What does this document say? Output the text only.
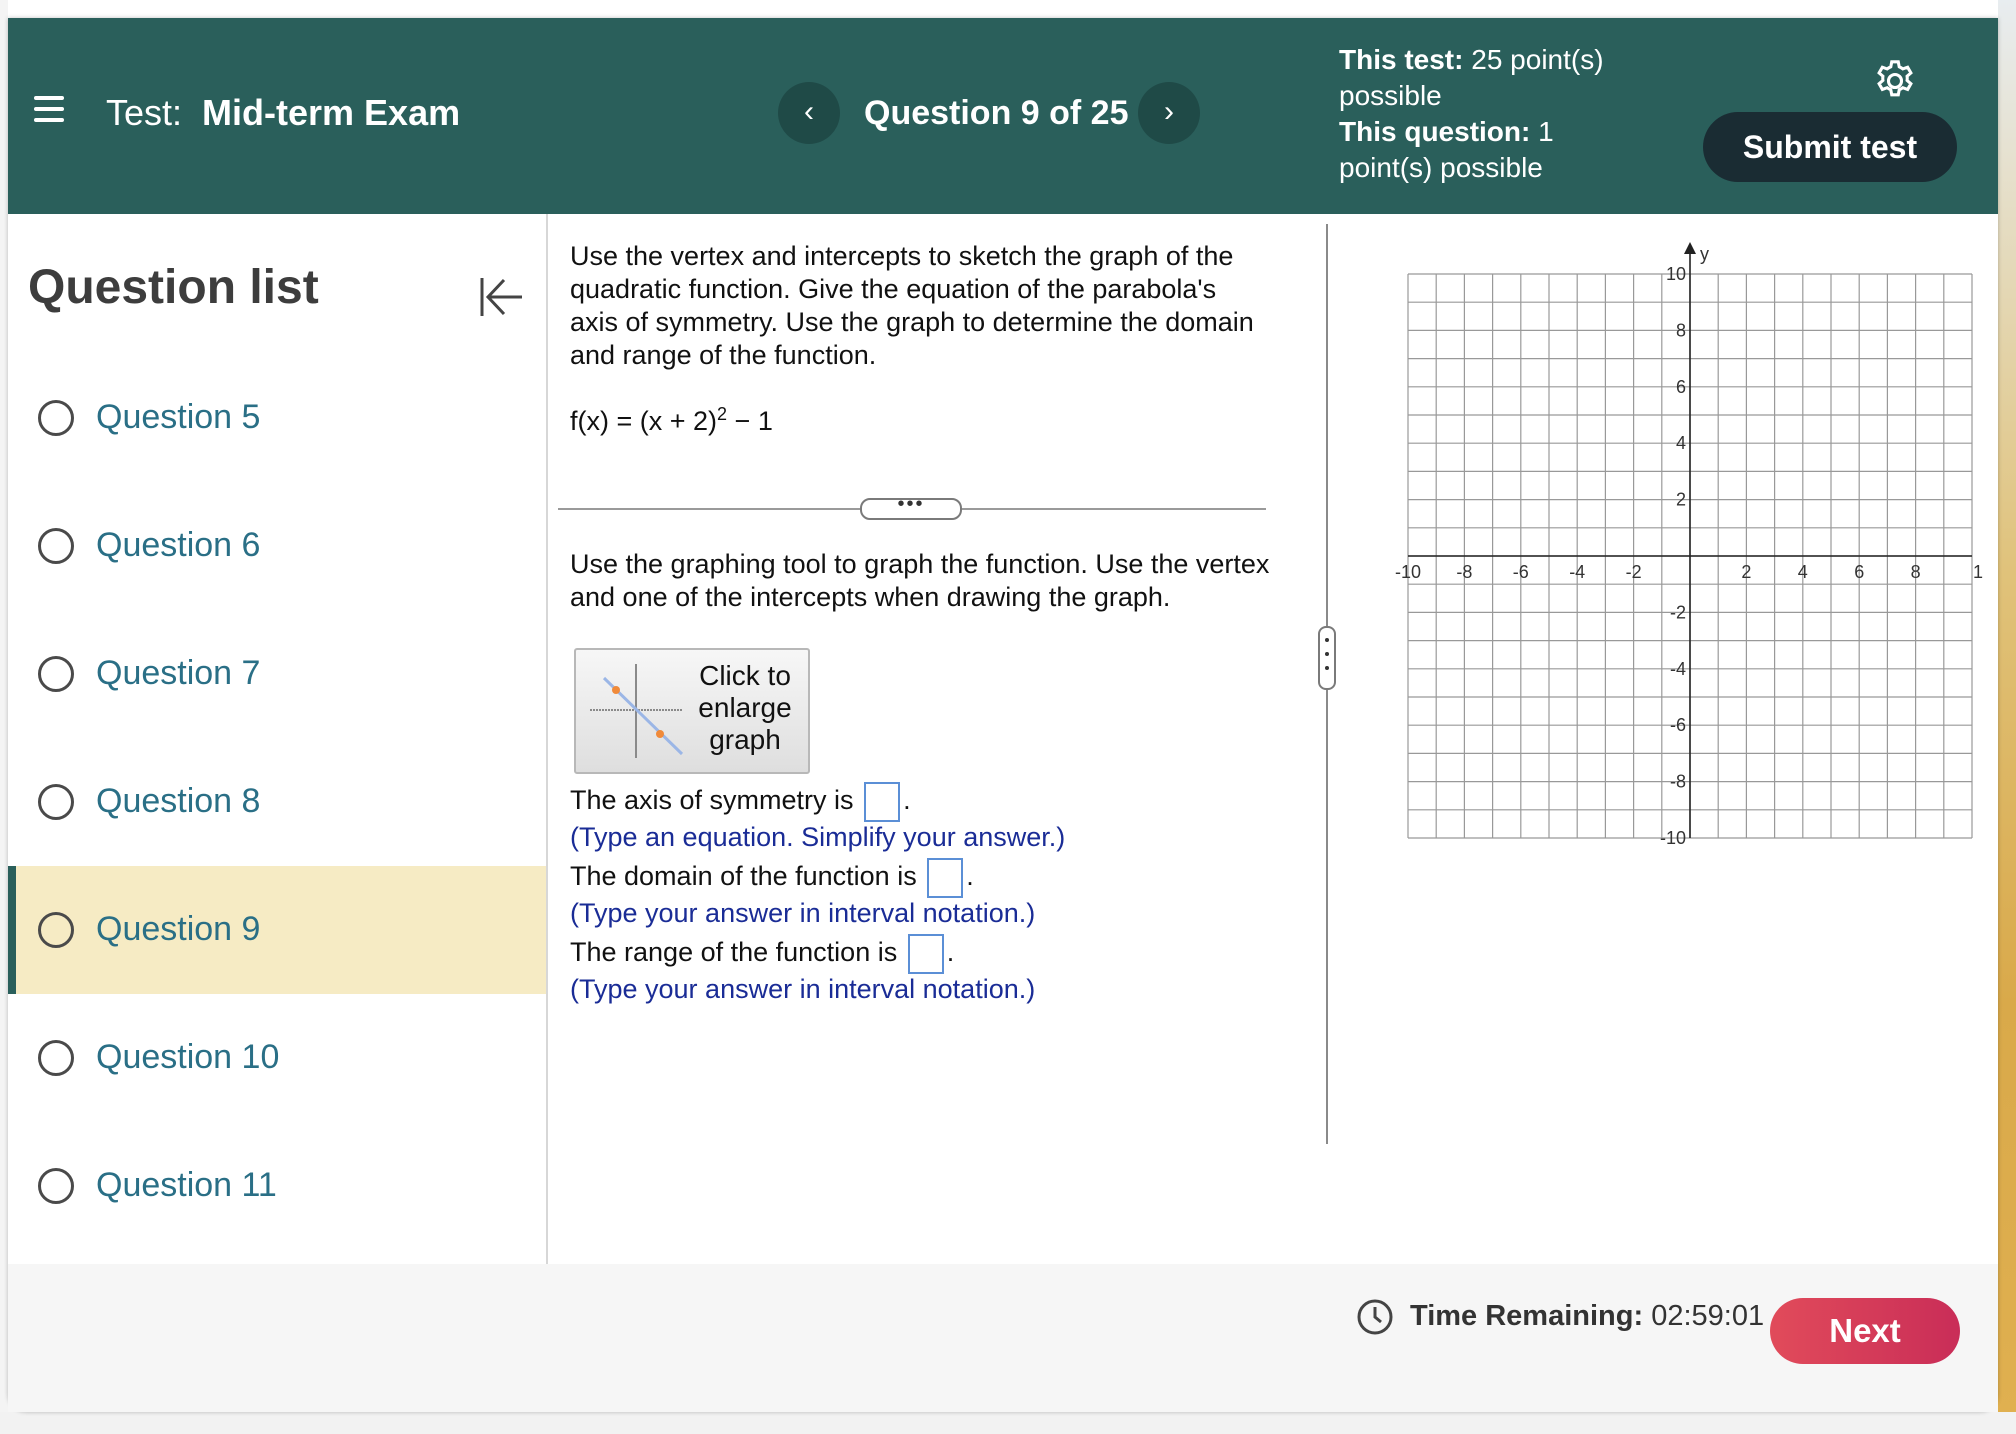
Test: Mid-term Exam	‹	Question 9 of 25	›
This test: 25 point(s) possible
This question: 1 point(s) possible
Submit test
Question list
Question 5
Question 6
Question 7
Question 8
Question 9
Question 10
Question 11
Use the vertex and intercepts to sketch the graph of the quadratic function. Give the equation of the parabola's axis of symmetry. Use the graph to determine the domain and range of the function.
$f(x) = (x + 2)^2 - 1$
•••
Use the graphing tool to graph the function. Use the vertex and one of the intercepts when drawing the graph.
Click to enlarge graph
The axis of symmetry is .
(Type an equation. Simplify your answer.)
The domain of the function is .
(Type your answer in interval notation.)
The range of the function is .
(Type your answer in interval notation.)
y
-10 -8 -6 -4 -2	2	4	6	8	1
10
8
6
4
2
-2
-4
-6
-8
-10
Time Remaining: 02:59:01	Next
